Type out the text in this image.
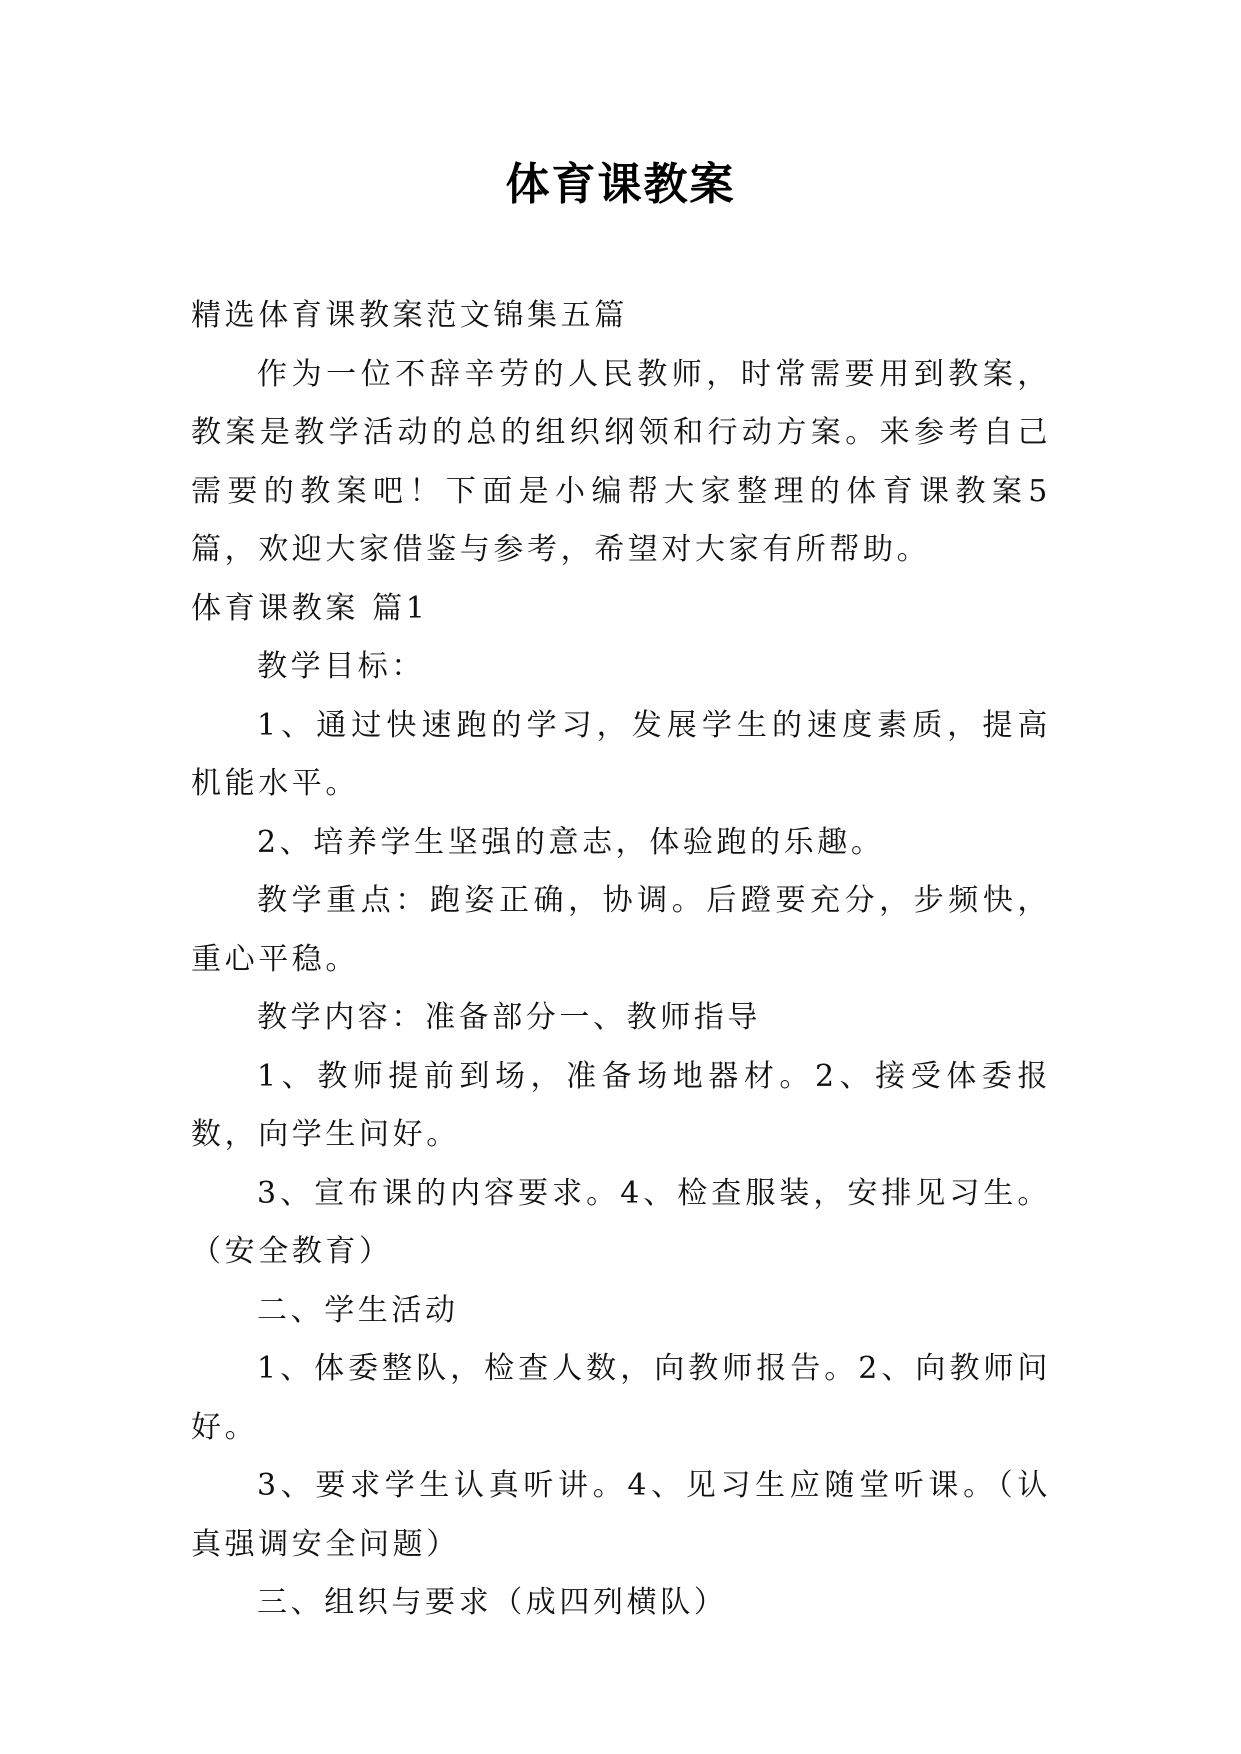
体育课教案

精选体育课教案范文锦集五篇

作为一位不辞辛劳的人民教师，时常需要用到教案，教案是教学活动的总的组织纲领和行动方案。来参考自己需要的教案吧！下面是小编帮大家整理的体育课教案5篇，欢迎大家借鉴与参考，希望对大家有所帮助。

体育课教案 篇1

教学目标：

1、通过快速跑的学习，发展学生的速度素质，提高机能水平。

2、培养学生坚强的意志，体验跑的乐趣。

教学重点：跑姿正确，协调。后蹬要充分，步频快，重心平稳。

教学内容：准备部分一、教师指导

1、教师提前到场，准备场地器材。2、接受体委报数，向学生问好。

3、宣布课的内容要求。4、检查服装，安排见习生。（安全教育）

二、学生活动

1、体委整队，检查人数，向教师报告。2、向教师问好。

3、要求学生认真听讲。4、见习生应随堂听课。（认真强调安全问题）

三、组织与要求（成四列横队）
